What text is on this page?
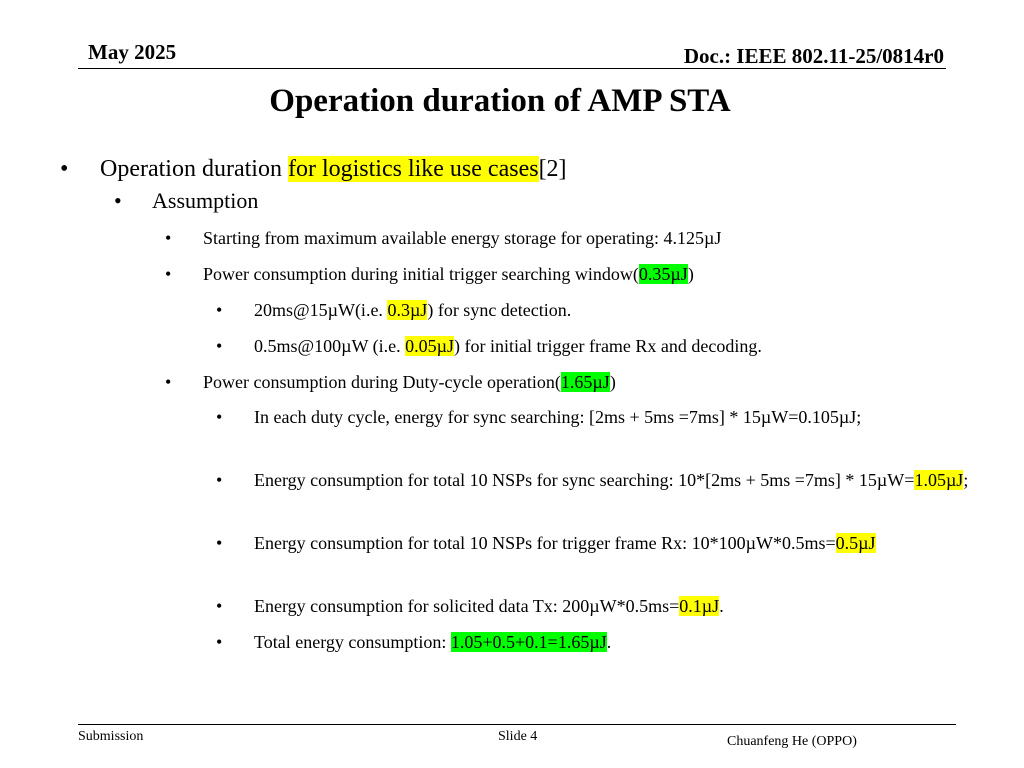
May 2025	Doc.: IEEE 802.11-25/0814r0
Operation duration of AMP STA
• Operation duration for logistics like use cases[2]
• Assumption
• Starting from maximum available energy storage for operating: 4.125µJ
• Power consumption during initial trigger searching window(0.35µJ)
• 20ms@15µW(i.e. 0.3µJ) for sync detection.
• 0.5ms@100µW (i.e. 0.05µJ) for initial trigger frame Rx and decoding.
• Power consumption during Duty-cycle operation(1.65µJ)
• In each duty cycle, energy for sync searching: [2ms + 5ms =7ms] * 15µW=0.105µJ;
• Energy consumption for total 10 NSPs for sync searching: 10*[2ms + 5ms =7ms] * 15µW=1.05µJ;
• Energy consumption for total 10 NSPs for trigger frame Rx: 10*100µW*0.5ms=0.5µJ
• Energy consumption for solicited data Tx: 200µW*0.5ms=0.1µJ.
• Total energy consumption: 1.05+0.5+0.1=1.65µJ.
Submission	Slide 4	Chuanfeng He (OPPO)
